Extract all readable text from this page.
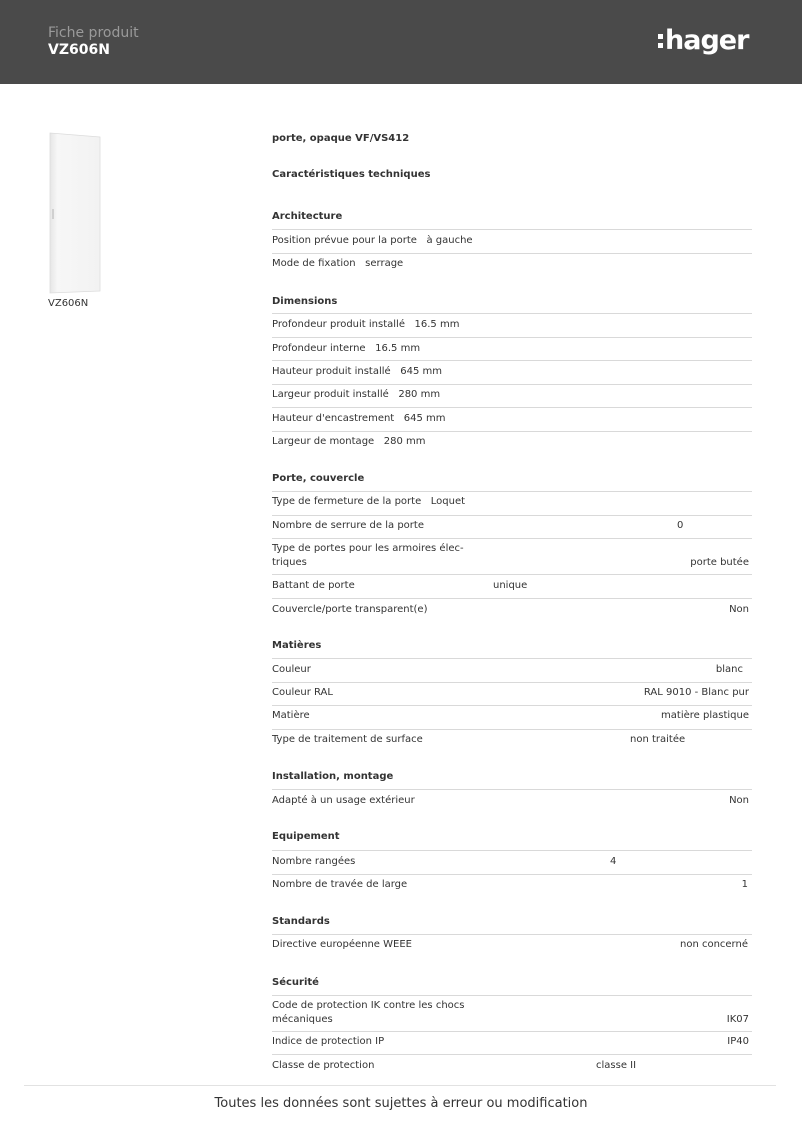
Fiche produit
VZ606N	hager
VZ606N
porte, opaque VF/VS412
Caractéristiques techniques
Architecture
Position prévue pour la porte à gauche
Mode de fixation serrage
Dimensions
Profondeur produit installé 16.5 mm
Profondeur interne 16.5 mm
Hauteur produit installé 645 mm
Largeur produit installé 280 mm
Hauteur d'encastrement 645 mm
Largeur de montage 280 mm
Porte, couvercle
Type de fermeture de la porte Loquet
Nombre de serrure de la porte	0
Type de portes pour les armoires élec-
triques	porte butée
Battant de porte	unique
Couvercle/porte transparent(e)	Non
Matières
Couleur	blanc
Couleur RAL	RAL 9010 - Blanc pur
Matière	matière plastique
Type de traitement de surface	non traitée
Installation, montage
Adapté à un usage extérieur	Non
Equipement
Nombre rangées	4
Nombre de travée de large	1
Standards
Directive européenne WEEE	non concerné
Sécurité
Code de protection IK contre les chocs
mécaniques	IK07
Indice de protection IP	IP40
Classe de protection	classe II
Toutes les données sont sujettes à erreur ou modification
